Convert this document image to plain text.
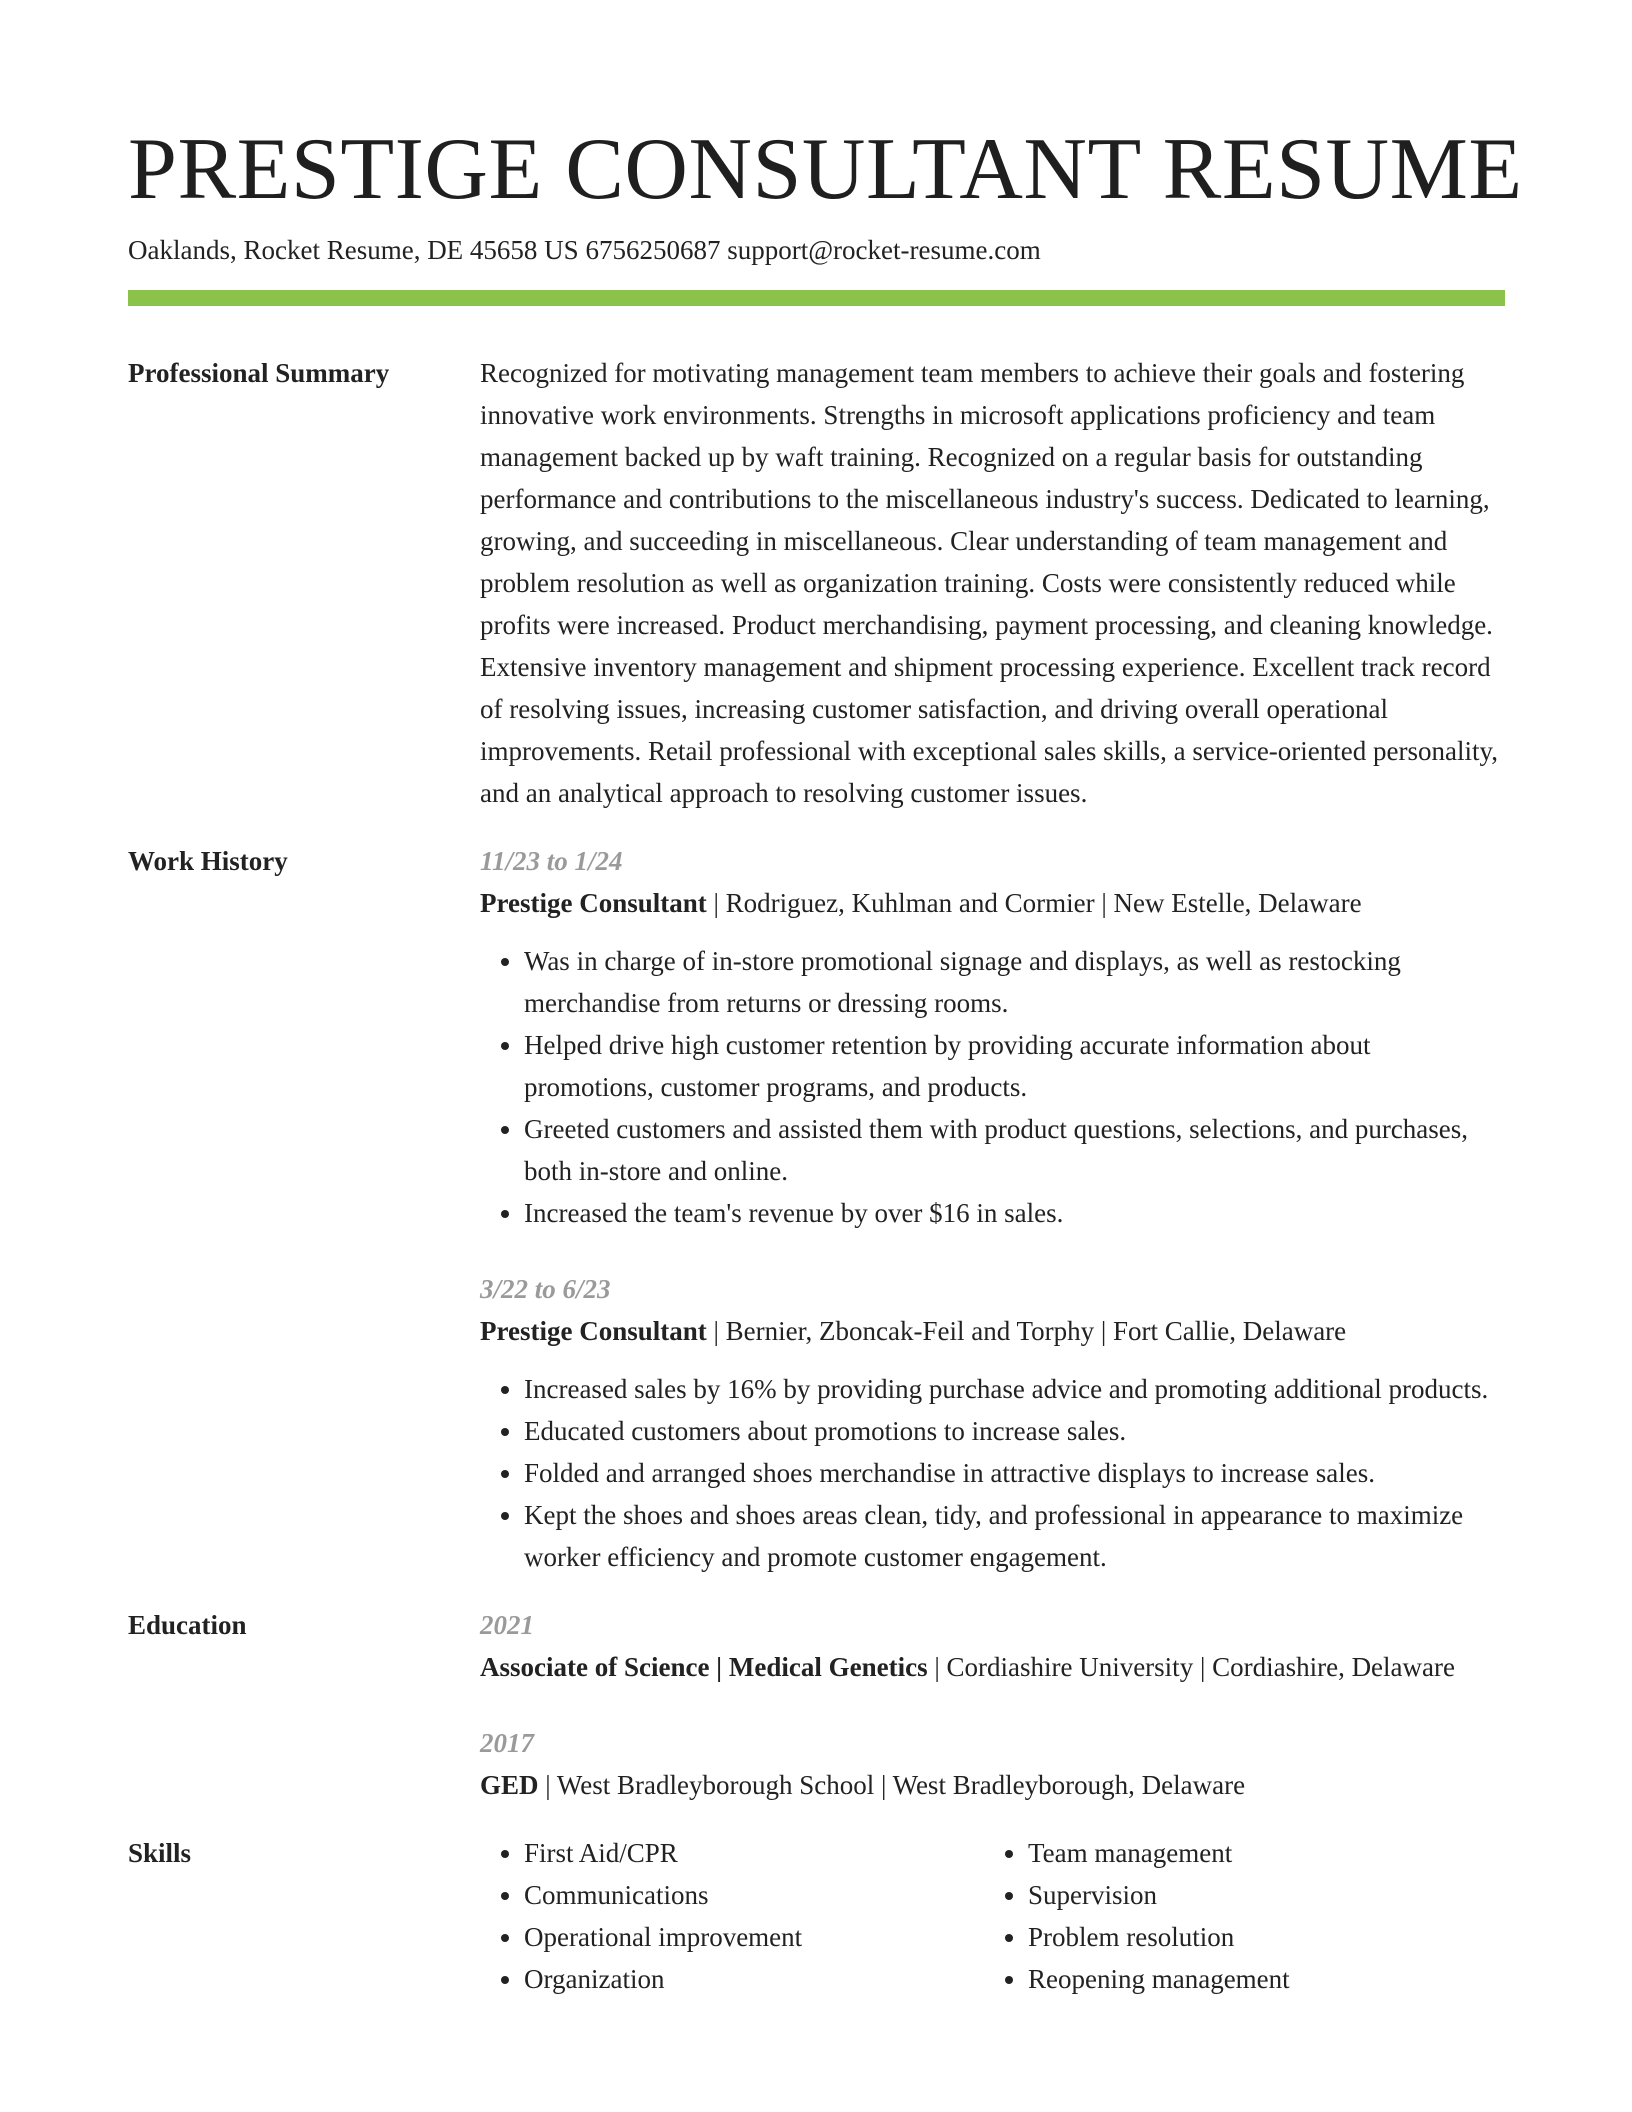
PRESTIGE CONSULTANT RESUME
Oaklands, Rocket Resume, DE 45658 US 6756250687 support@rocket-resume.com
Professional Summary	Recognized for motivating management team members to achieve their goals and fostering innovative work environments. Strengths in microsoft applications proficiency and team management backed up by waft training. Recognized on a regular basis for outstanding performance and contributions to the miscellaneous industry's success. Dedicated to learning, growing, and succeeding in miscellaneous. Clear understanding of team management and problem resolution as well as organization training. Costs were consistently reduced while profits were increased. Product merchandising, payment processing, and cleaning knowledge. Extensive inventory management and shipment processing experience. Excellent track record of resolving issues, increasing customer satisfaction, and driving overall operational improvements. Retail professional with exceptional sales skills, a service-oriented personality, and an analytical approach to resolving customer issues.

Work History	11/23 to 1/24
Prestige Consultant | Rodriguez, Kuhlman and Cormier | New Estelle, Delaware
• Was in charge of in-store promotional signage and displays, as well as restocking merchandise from returns or dressing rooms.
• Helped drive high customer retention by providing accurate information about promotions, customer programs, and products.
• Greeted customers and assisted them with product questions, selections, and purchases, both in-store and online.
• Increased the team's revenue by over $16 in sales.
3/22 to 6/23
Prestige Consultant | Bernier, Zboncak-Feil and Torphy | Fort Callie, Delaware
• Increased sales by 16% by providing purchase advice and promoting additional products.
• Educated customers about promotions to increase sales.
• Folded and arranged shoes merchandise in attractive displays to increase sales.
• Kept the shoes and shoes areas clean, tidy, and professional in appearance to maximize worker efficiency and promote customer engagement.
Education	2021
Associate of Science | Medical Genetics | Cordiashire University | Cordiashire, Delaware
2017
GED | West Bradleyborough School | West Bradleyborough, Delaware
Skills
•	First Aid/CPR
• Communications
• Operational improvement
• Organization
• Team management
• Supervision
• Problem resolution
• Reopening management
